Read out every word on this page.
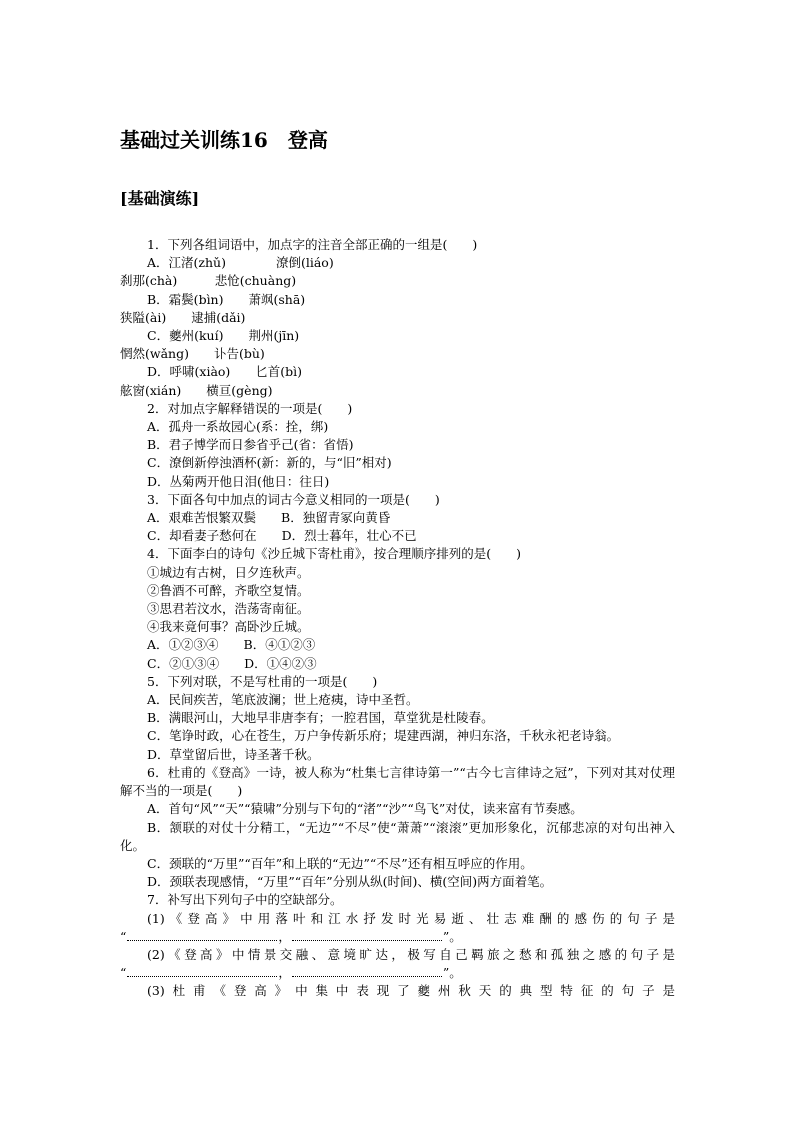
基础过关训练16　登高
[基础演练]
1．下列各组词语中，加点字的注音全部正确的一组是(　　)
A．江渚(zhǔ)　　　　潦倒(liáo)
刹那(chà)　　　悲怆(chuàng)
B．霜鬓(bìn)　　萧飒(shā)
狭隘(ài)　　逮捕(dǎi)
C．夔州(kuí)　　荆州(jīn)
惘然(wǎng)　　讣告(bù)
D．呼啸(xiào)　　匕首(bì)
舷窗(xián)　　横亘(gèng)
2．对加点字解释错误的一项是(　　)
A．孤舟一系故园心(系：拴，绑)
B．君子博学而日参省乎己(省：省悟)
C．潦倒新停浊酒杯(新：新的，与“旧”相对)
D．丛菊两开他日泪(他日：往日)
3．下面各句中加点的词古今意义相同的一项是(　　)
A．艰难苦恨繁双鬓　　B．独留青冢向黄昏
C．却看妻子愁何在　　D．烈士暮年，壮心不已
4．下面李白的诗句《沙丘城下寄杜甫》，按合理顺序排列的是(　　)
①城边有古树，日夕连秋声。
②鲁酒不可醉，齐歌空复情。
③思君若汶水，浩荡寄南征。
④我来竟何事？高卧沙丘城。
A．①②③④　　B．④①②③
C．②①③④　　D．①④②③
5．下列对联，不是写杜甫的一项是(　　)
A．民间疾苦，笔底波澜；世上疮痍，诗中圣哲。
B．满眼河山，大地早非唐李有；一腔君国，草堂犹是杜陵春。
C．笔诤时政，心在苍生，万户争传新乐府；堤建西湖，神归东洛，千秋永祀老诗翁。
D．草堂留后世，诗圣著千秋。
6．杜甫的《登高》一诗，被人称为“杜集七言律诗第一”“古今七言律诗之冠”，下列对其对仗理解不当的一项是(　　)
A．首句“风”“天”“猿啸”分别与下句的“渚”“沙”“鸟飞”对仗，读来富有节奏感。
B．颔联的对仗十分精工，“无边”“不尽”使“萧萧”“滚滚”更加形象化，沉郁悲凉的对句出神入化。
C．颈联的“万里”“百年”和上联的“无边”“不尽”还有相互呼应的作用。
D．颈联表现感情，“万里”“百年”分别从纵(时间)、横(空间)两方面着笔。
7．补写出下列句子中的空缺部分。
(1)《登高》中用落叶和江水抒发时光易逝、壮志难酬的感伤的句子是
“	，	”。
(2)《登高》中情景交融、意境旷达，极写自己羁旅之愁和孤独之感的句子是
“	，	”。
(3)杜甫《登高》中集中表现了夔州秋天的典型特征的句子是
